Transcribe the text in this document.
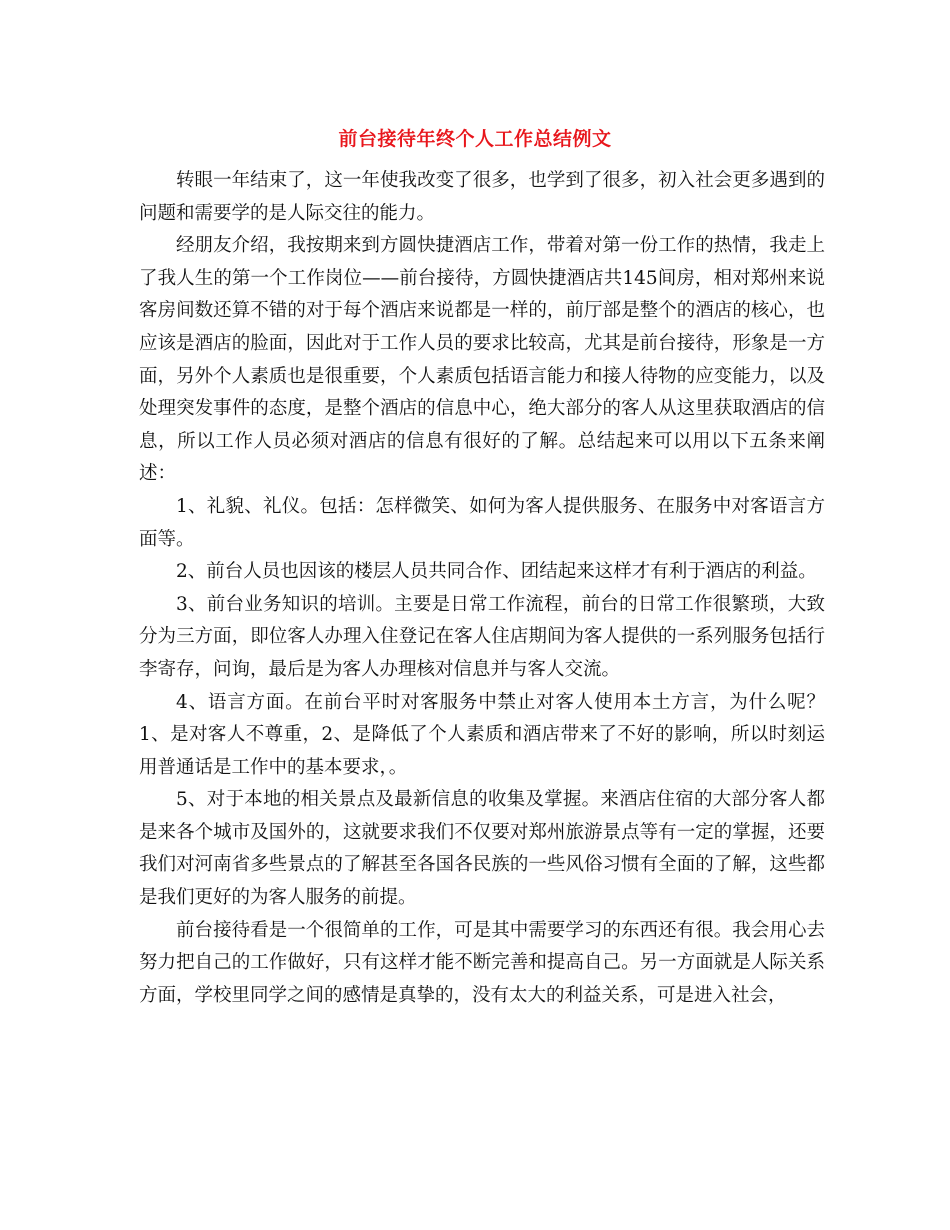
前台接待年终个人工作总结例文

转眼一年结束了，这一年使我改变了很多，也学到了很多，初入社会更多遇到的问题和需要学的是人际交往的能力。

经朋友介绍，我按期来到方圆快捷酒店工作，带着对第一份工作的热情，我走上了我人生的第一个工作岗位——前台接待，方圆快捷酒店共145间房，相对郑州来说客房间数还算不错的对于每个酒店来说都是一样的，前厅部是整个的酒店的核心，也应该是酒店的脸面，因此对于工作人员的要求比较高，尤其是前台接待，形象是一方面，另外个人素质也是很重要，个人素质包括语言能力和接人待物的应变能力，以及处理突发事件的态度，是整个酒店的信息中心，绝大部分的客人从这里获取酒店的信息，所以工作人员必须对酒店的信息有很好的了解。总结起来可以用以下五条来阐述：

1、礼貌、礼仪。包括：怎样微笑、如何为客人提供服务、在服务中对客语言方面等。

2、前台人员也因该的楼层人员共同合作、团结起来这样才有利于酒店的利益。

3、前台业务知识的培训。主要是日常工作流程，前台的日常工作很繁琐，大致分为三方面，即位客人办理入住登记在客人住店期间为客人提供的一系列服务包括行李寄存，问询，最后是为客人办理核对信息并与客人交流。

4、语言方面。在前台平时对客服务中禁止对客人使用本土方言，为什么呢？1、是对客人不尊重，2、是降低了个人素质和酒店带来了不好的影响，所以时刻运用普通话是工作中的基本要求，。

5、对于本地的相关景点及最新信息的收集及掌握。来酒店住宿的大部分客人都是来各个城市及国外的，这就要求我们不仅要对郑州旅游景点等有一定的掌握，还要我们对河南省多些景点的了解甚至各国各民族的一些风俗习惯有全面的了解，这些都是我们更好的为客人服务的前提。

前台接待看是一个很简单的工作，可是其中需要学习的东西还有很。我会用心去努力把自己的工作做好，只有这样才能不断完善和提高自己。另一方面就是人际关系方面，学校里同学之间的感情是真挚的，没有太大的利益关系，可是进入社会，
